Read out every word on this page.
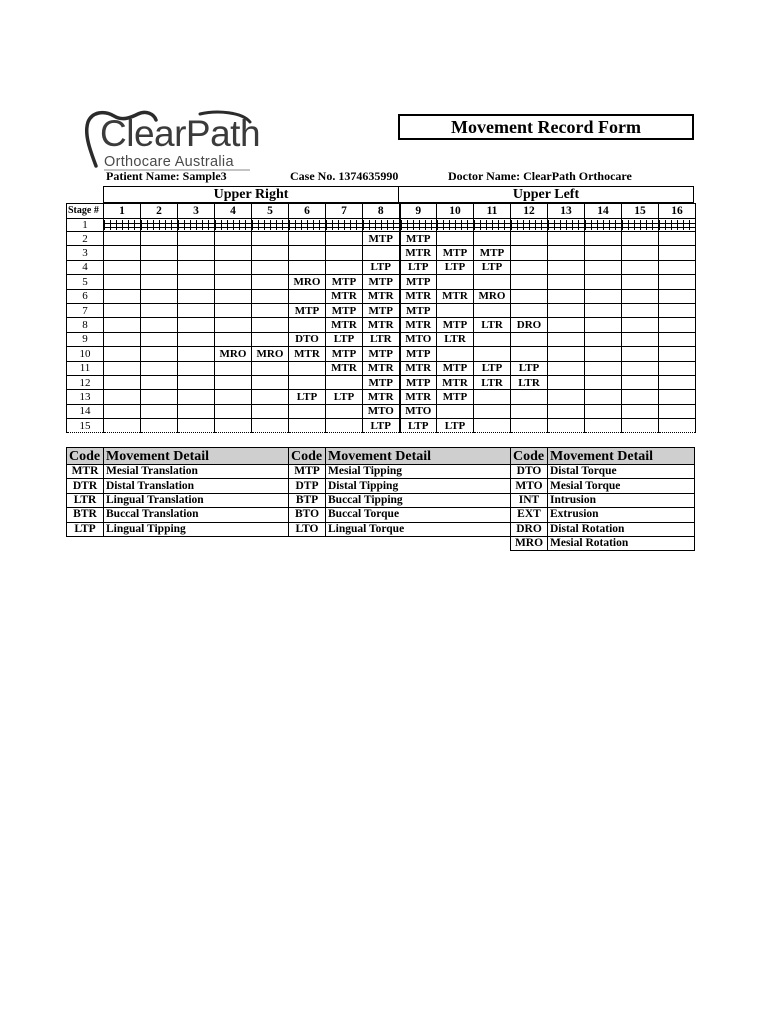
ClearPath
Orthocare Australia
Movement Record Form
Patient Name: Sample3	Case No. 1374635990	Doctor Name: ClearPath Orthocare
Upper Right	Upper Left
Stage #	1	2	3	4	5	6	7	8	9	10	11	12	13	14	15	16
1	

2								MTP	MTP							
3									MTR	MTP	MTP					
4								LTP	LTP	LTP	LTP					
5						MRO	MTP	MTP	MTP							
6							MTR	MTR	MTR	MTR	MRO					
7						MTP	MTP	MTP	MTP							
8							MTR	MTR	MTR	MTP	LTR	DRO				
9						DTO	LTP	LTR	MTO	LTR						
10				MRO	MRO	MTR	MTP	MTP	MTP							
11							MTR	MTR	MTR	MTP	LTP	LTP				
12								MTP	MTP	MTR	LTR	LTR				
13						LTP	LTP	MTR	MTR	MTP						
14								MTO	MTO							
15								LTP	LTP	LTP						
Code	Movement Detail
MTR	Mesial Translation
DTR	Distal Translation
LTR	Lingual Translation
BTR	Buccal Translation
LTP	Lingual Tipping
Code	Movement Detail
MTP	Mesial Tipping
DTP	Distal Tipping
BTP	Buccal Tipping
BTO	Buccal Torque
LTO	Lingual Torque
Code	Movement Detail
DTO	Distal Torque
MTO	Mesial Torque
INT	Intrusion
EXT	Extrusion
DRO	Distal Rotation
MRO	Mesial Rotation
